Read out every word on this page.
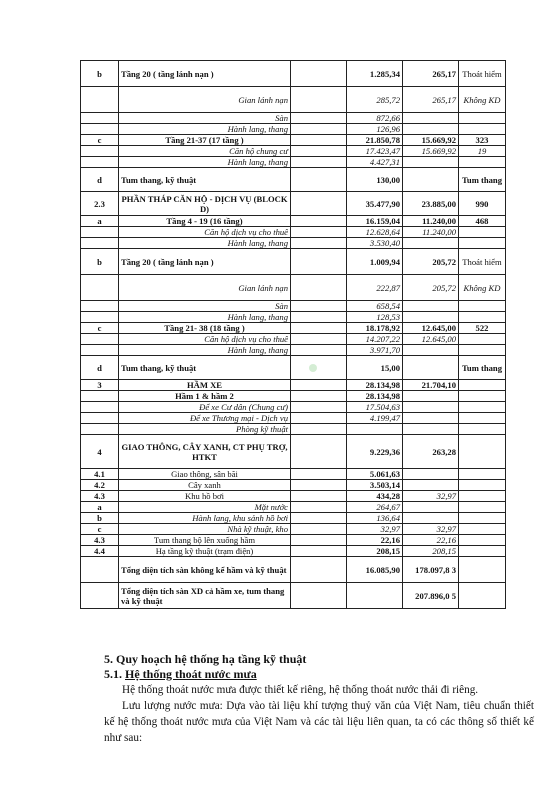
b	Tầng 20 ( tầng lánh nạn )		1.285,34	265,17	Thoát hiểm
	Gian lánh nạn		285,72	265,17	Không KD
	Sàn		872,66		
	Hành lang, thang		126,96		
c	Tầng 21-37 (17 tầng )		21.850,78	15.669,92	323
	Căn hộ chung cư		17.423,47	15.669,92	19
	Hành lang, thang		4.427,31		
d	Tum thang, kỹ thuật		130,00		Tum thang
2.3	PHẦN THÁP CĂN HỘ - DỊCH VỤ (BLOCK D)		35.477,90	23.885,00	990
a	Tầng 4 - 19 (16 tầng)		16.159,04	11.240,00	468
	Căn hộ dịch vụ cho thuê		12.628,64	11.240,00	
	Hành lang, thang		3.530,40		
b	Tầng 20 ( tầng lánh nạn )		1.009,94	205,72	Thoát hiểm
	Gian lánh nạn		222,87	205,72	Không KD
	Sàn		658,54		
	Hành lang, thang		128,53		
c	Tầng 21- 38 (18 tầng )		18.178,92	12.645,00	522
	Căn hộ dịch vụ cho thuê		14.207,22	12.645,00	
	Hành lang, thang		3.971,70		
d	Tum thang, kỹ thuật		15,00		Tum thang
3	HẦM XE		28.134,98	21.704,10	
	Hầm 1 & hầm 2		28.134,98		
	Để xe Cư dân (Chung cư)		17.504,63		
	Để xe Thương mại - Dịch vụ		4.199,47		
	Phòng kỹ thuật				
4	GIAO THÔNG, CÂY XANH, CT PHỤ TRỢ, HTKT		9.229,36	263,28	
4.1	Giao thông, sân bãi		5.061,63		
4.2	Cây xanh		3.503,14		
4.3	Khu hồ bơi		434,28	32,97	
a	Mặt nước		264,67		
b	Hành lang, khu sảnh hồ bơi		136,64		
c	Nhà kỹ thuật, kho		32,97	32,97	
4.3	Tum thang bộ lên xuống hầm		22,16	22,16	
4.4	Hạ tầng kỹ thuật (trạm điện)		208,15	208,15	
	Tổng diện tích sàn không kể hầm và kỹ thuật		16.085,90	178.097,8 3	
	Tổng diện tích sàn XD cả hầm xe, tum thang và kỹ thuật			207.896,0 5	

5. Quy hoạch hệ thống hạ tầng kỹ thuật

5.1. Hệ thống thoát nước mưa

Hệ thống thoát nước mưa được thiết kế riêng, hệ thống thoát nước thải đi riêng.

Lưu lượng nước mưa: Dựa vào tài liệu khí tượng thuỷ văn của Việt Nam, tiêu chuẩn thiết kế hệ thống thoát nước mưa của Việt Nam và các tài liệu liên quan, ta có các thông số thiết kế như sau:
